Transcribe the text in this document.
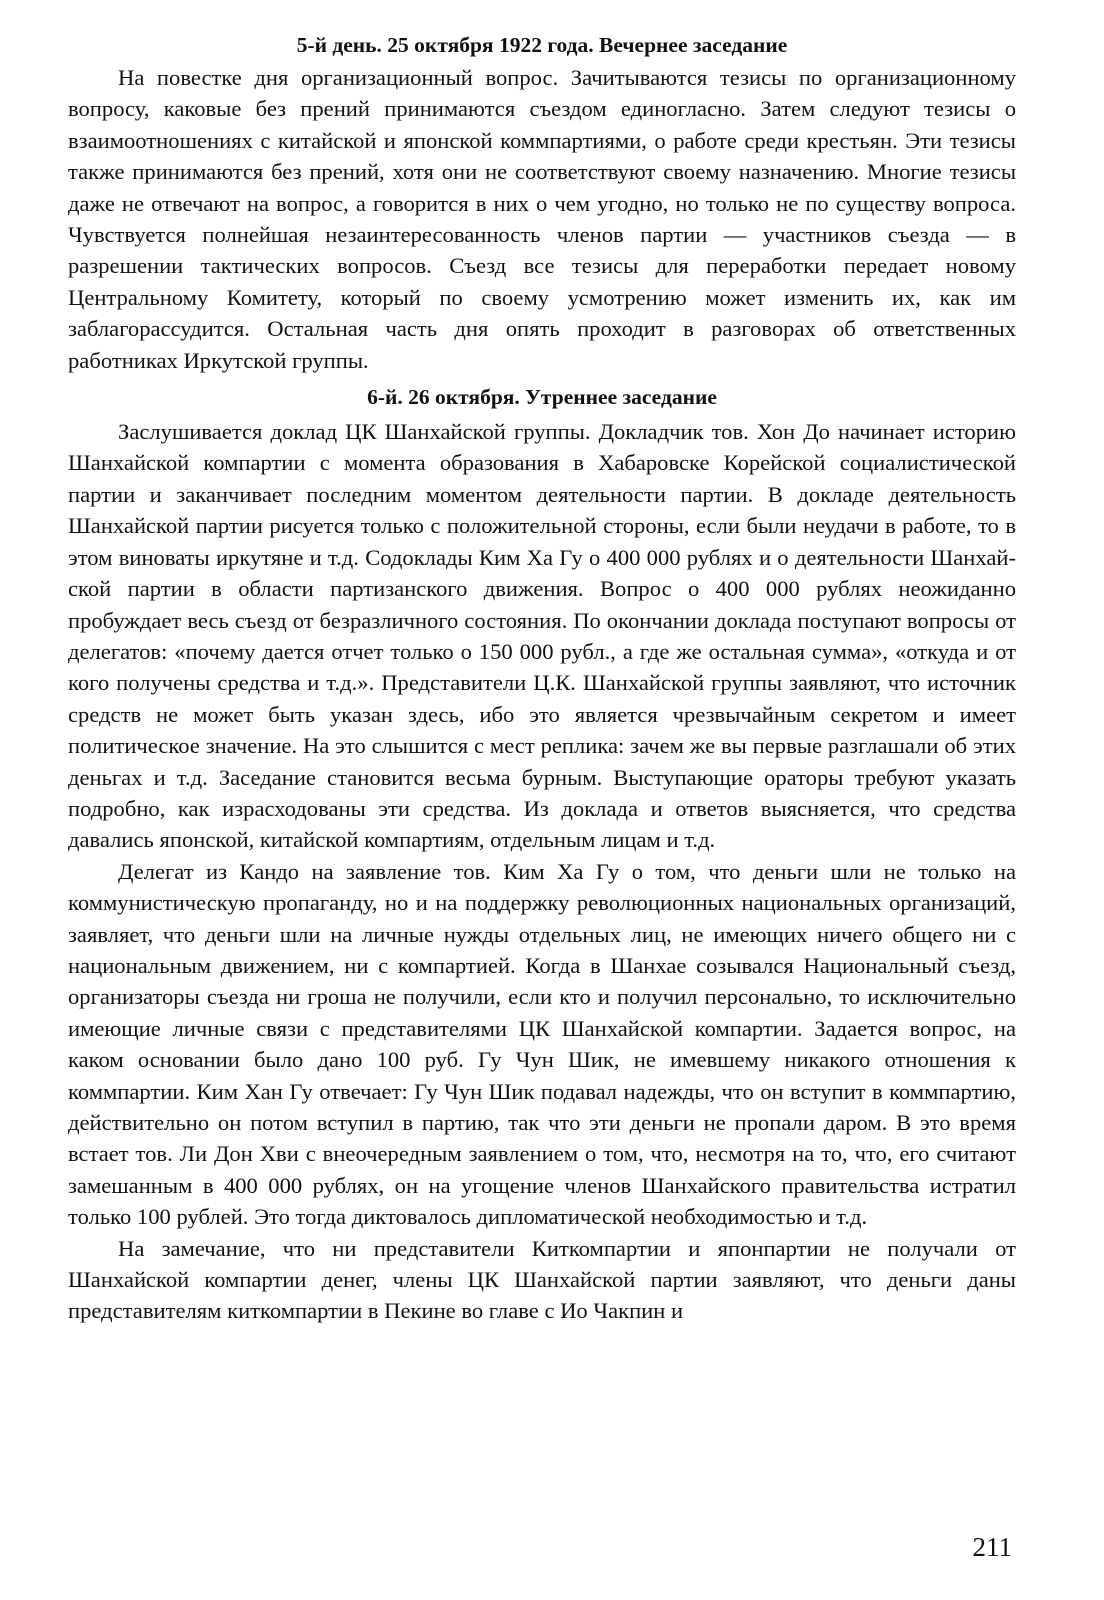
5-й день. 25 октября 1922 года. Вечернее заседание

На повестке дня организационный вопрос. Зачитываются тезисы по организационному вопросу, каковые без прений принимаются съездом единогласно. Затем следуют тезисы о взаимоотношениях с китайской и японской коммпартиями, о работе среди крестьян. Эти тезисы также принимаются без прений, хотя они не соответствуют своему назначению. Многие тезисы даже не отвечают на вопрос, а говорится в них о чем угодно, но только не по существу вопроса. Чувствуется полнейшая незаинтересованность членов партии — участников съезда — в разрешении тактических вопросов. Съезд все тезисы для переработки передает новому Центральному Комитету, который по своему усмотрению может изменить их, как им заблагорассудится. Остальная часть дня опять проходит в разговорах об ответственных работниках Иркутской группы.

6-й. 26 октября. Утреннее заседание

Заслушивается доклад ЦК Шанхайской группы. Докладчик тов. Хон До начинает историю Шанхайской компартии с момента образования в Хабаровске Корейской социалистической партии и заканчивает последним моментом деятельности партии. В докладе деятельность Шанхайской партии рисуется только с положительной стороны, если были неудачи в работе, то в этом виноваты иркутяне и т.д. Содоклады Ким Ха Гу о 400 000 рублях и о деятельности Шанхайской партии в области партизанского движения. Вопрос о 400 000 рублях неожиданно пробуждает весь съезд от безразличного состояния. По окончании доклада поступают вопросы от делегатов: «почему дается отчет только о 150 000 рубл., а где же остальная сумма», «откуда и от кого получены средства и т.д.». Представители Ц.К. Шанхайской группы заявляют, что источник средств не может быть указан здесь, ибо это является чрезвычайным секретом и имеет политическое значение. На это слышится с мест реплика: зачем же вы первые разглашали об этих деньгах и т.д. Заседание становится весьма бурным. Выступающие ораторы требуют указать подробно, как израсходованы эти средства. Из доклада и ответов выясняется, что средства давались японской, китайской компартиям, отдельным лицам и т.д.

Делегат из Кандо на заявление тов. Ким Ха Гу о том, что деньги шли не только на коммунистическую пропаганду, но и на поддержку революционных национальных организаций, заявляет, что деньги шли на личные нужды отдельных лиц, не имеющих ничего общего ни с национальным движением, ни с компартией. Когда в Шанхае созывался Национальный съезд, организаторы съезда ни гроша не получили, если кто и получил персонально, то исключительно имеющие личные связи с представителями ЦК Шанхайской компартии. Задается вопрос, на каком основании было дано 100 руб. Гу Чун Шик, не имевшему никакого отношения к коммпартии. Ким Хан Гу отвечает: Гу Чун Шик подавал надежды, что он вступит в коммпартию, действительно он потом вступил в партию, так что эти деньги не пропали даром. В это время встает тов. Ли Дон Хви с внеочередным заявлением о том, что, несмотря на то, что, его считают замешанным в 400 000 рублях, он на угощение членов Шанхайского правительства истратил только 100 рублей. Это тогда диктовалось дипломатической необходимостью и т.д.

На замечание, что ни представители Киткомпартии и японпартии не получали от Шанхайской компартии денег, члены ЦК Шанхайской партии заявляют, что деньги даны представителям киткомпартии в Пекине во главе с Ио Чакпин и

211
